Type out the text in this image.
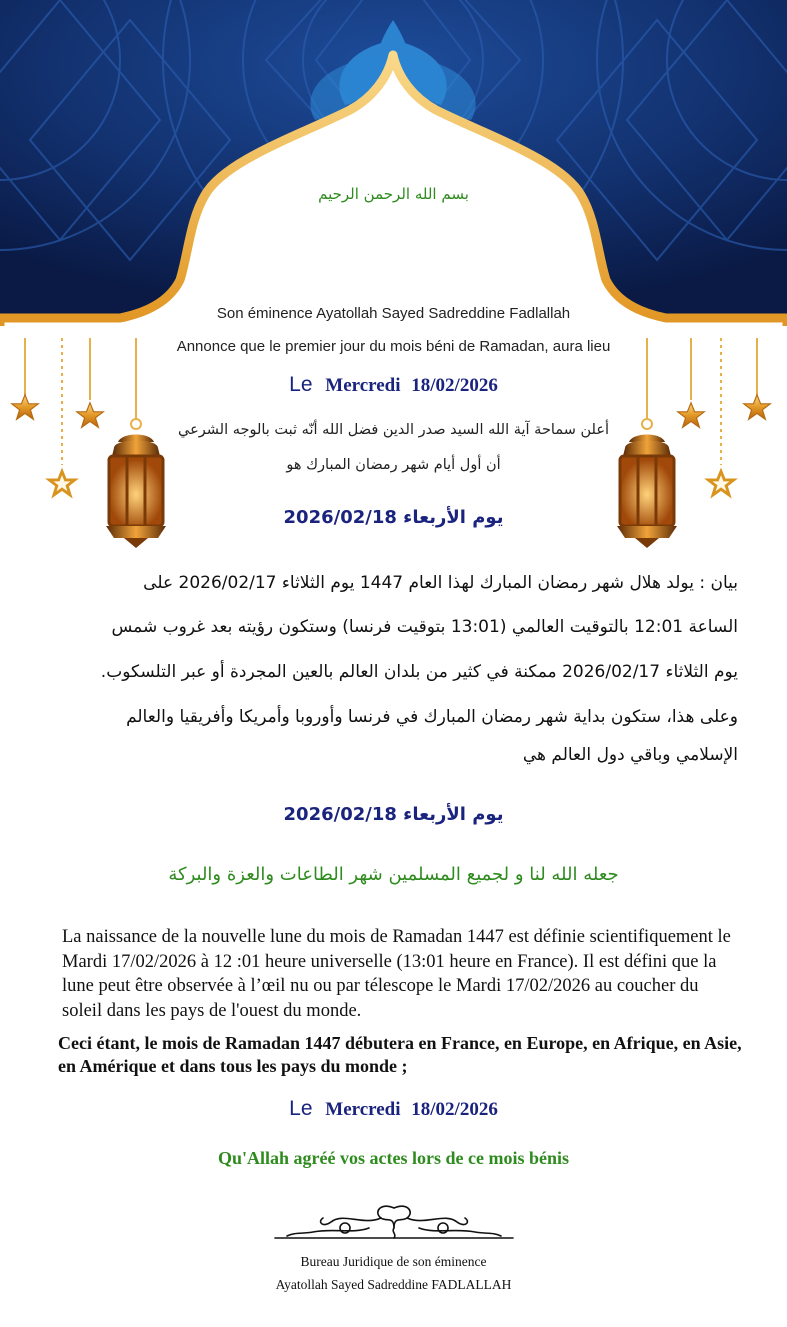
بسم الله الرحمن الرحيم
Son éminence Ayatollah Sayed Sadreddine Fadlallah
Annonce que le premier jour du mois béni de Ramadan, aura lieu
Le Mercredi 18/02/2026
أعلن سماحة آية الله السيد صدر الدين فضل الله أنّه ثبت بالوجه الشرعي
أن أول أيام شهر رمضان المبارك هو
يوم الأربعاء 2026/02/18
بيان : يولد هلال شهر رمضان المبارك لهذا العام 1447 يوم الثلاثاء 2026/02/17 على
الساعة 12:01 بالتوقيت العالمي (13:01 بتوقيت فرنسا) وستكون رؤيته بعد غروب شمس
يوم الثلاثاء 2026/02/17 ممكنة في كثير من بلدان العالم بالعين المجردة أو عبر التلسكوب.
وعلى هذا، ستكون بداية شهر رمضان المبارك في فرنسا وأوروبا وأمريكا وأفريقيا والعالم
الإسلامي وباقي دول العالم هي
يوم الأربعاء 2026/02/18
جعله الله لنا و لجميع المسلمين شهر الطاعات والعزة والبركة
La naissance de la nouvelle lune du mois de Ramadan 1447 est définie scientifiquement le Mardi 17/02/2026 à 12 :01 heure universelle (13:01 heure en France). Il est défini que la lune peut être observée à l’œil nu ou par télescope le Mardi 17/02/2026 au coucher du soleil dans les pays de l'ouest du monde.
Ceci étant, le mois de Ramadan 1447 débutera en France, en Europe, en Afrique, en Asie, en Amérique et dans tous les pays du monde ;
Le Mercredi 18/02/2026
Qu'Allah agréé vos actes lors de ce mois bénis
Bureau Juridique de son éminence
Ayatollah Sayed Sadreddine FADLALLAH
